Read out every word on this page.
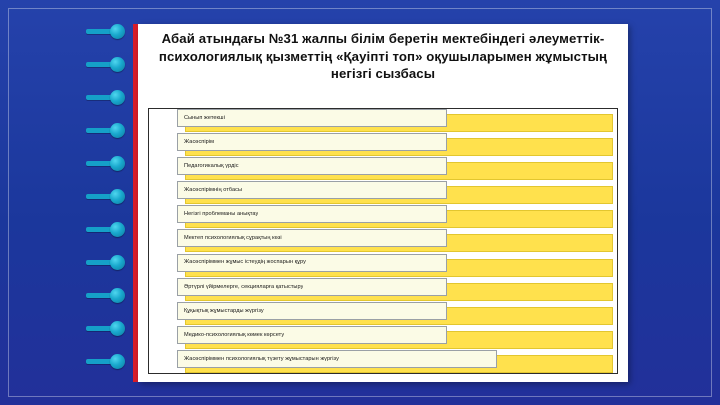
Абай атындағы №31 жалпы білім беретін мектебіндегі әлеуметтік-психологиялық қызметтің «Қауіпті топ» оқушыларымен жұмыстың негізгі сызбасы
Сынып жетекші
Жасөспірім
Педагогикалық үрдіс
Жасөспірімнің отбасы
Негізгі проблеманы анықтау
Мектеп психологиялық сұрақтың көзі
Жасөспіріммен жұмыс істеудің жоспарын құру
Әртүрлі үйірмелерге, секцияларға қатыстыру
Құқықтық жұмыстарды жүргізу
Медико-психологиялық көмек көрсету
Жасөспіріммен психологиялық түзету жұмыстарын жүргізу
